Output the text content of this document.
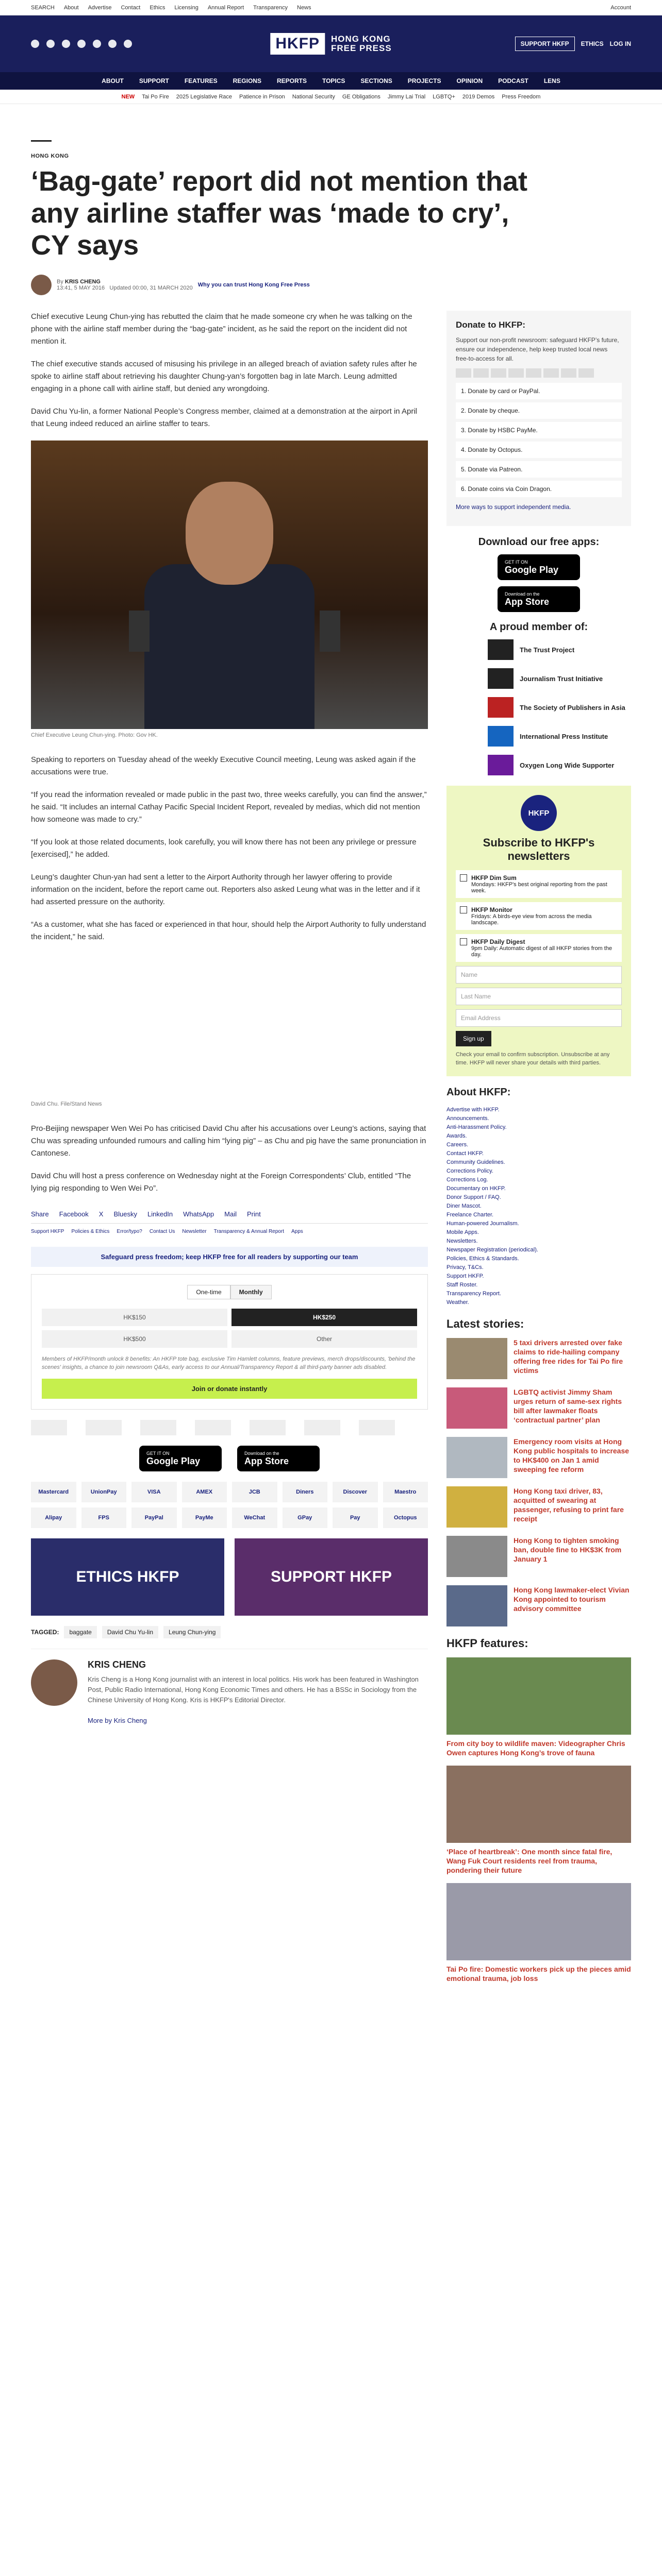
SEARCH About Advertise Contact Ethics Licensing Annual Report Transparency News	Account
HKFP	HONG KONG
FREE PRESS	SUPPORT HKFP	ETHICS LOG IN
ABOUT	SUPPORT	FEATURES	REGIONS	REPORTS	TOPICS	SECTIONS	PROJECTS	OPINION	PODCAST	LENS
NEW Tai Po Fire 2025 Legislative Race Patience in Prison National Security GE Obligations Jimmy Lai Trial LGBTQ+ 2019 Demos Press Freedom
HONG KONG
‘Bag-gate’ report did not mention that any airline staffer was ‘made to cry’, CY says
By KRIS CHENG
13:41, 5 MAY 2016 Updated 00:00, 31 MARCH 2020 Why you can trust Hong Kong Free Press

Chief executive Leung Chun-ying has rebutted the claim that he made someone cry when he was talking on the phone with the airline staff member during the “bag-gate” incident, as he said the report on the incident did not mention it.

The chief executive stands accused of misusing his privilege in an alleged breach of aviation safety rules after he spoke to airline staff about retrieving his daughter Chung-yan’s forgotten bag in late March. Leung admitted engaging in a phone call with airline staff, but denied any wrongdoing.

David Chu Yu-lin, a former National People’s Congress member, claimed at a demonstration at the airport in April that Leung indeed reduced an airline staffer to tears.

Chief Executive Leung Chun-ying. Photo: Gov HK.

Speaking to reporters on Tuesday ahead of the weekly Executive Council meeting, Leung was asked again if the accusations were true.

“If you read the information revealed or made public in the past two, three weeks carefully, you can find the answer,” he said. “It includes an internal Cathay Pacific Special Incident Report, revealed by medias, which did not mention how someone was made to cry.”

“If you look at those related documents, look carefully, you will know there has not been any privilege or pressure [exercised],” he added.

Leung’s daughter Chun-yan had sent a letter to the Airport Authority through her lawyer offering to provide information on the incident, before the report came out. Reporters also asked Leung what was in the letter and if it had asserted pressure on the authority.

“As a customer, what she has faced or experienced in that hour, should help the Airport Authority to fully understand the incident,” he said.

David Chu. File/Stand News

Pro-Beijing newspaper Wen Wei Po has criticised David Chu after his accusations over Leung’s actions, saying that Chu was spreading unfounded rumours and calling him “lying pig” – as Chu and pig have the same pronunciation in Cantonese.

David Chu will host a press conference on Wednesday night at the Foreign Correspondents’ Club, entitled “The lying pig responding to Wen Wei Po”.

Share Facebook X Bluesky LinkedIn WhatsApp Mail Print
Support HKFP Policies & Ethics Error/typo? Contact Us Newsletter Transparency & Annual Report Apps
Safeguard press freedom; keep HKFP free for all readers by supporting our team
One-time	Monthly
HK$150	HK$250
HK$500	Other
Members of HKFP/month unlock 8 benefits: An HKFP tote bag, exclusive Tim Hamlett columns, feature previews, merch drops/discounts, 'behind the scenes' insights, a chance to join newsroom Q&As, early access to our Annual/Transparency Report & all third-party banner ads disabled.
Join or donate instantly
GET IT ON
Google Play
Download on the
App Store
Mastercard	UnionPay	VISA	AMEX	JCB	Diners	Discover	Maestro
Alipay	FPS	PayPal	PayMe	WeChat	GPay	Pay	Octopus
ETHICS HKFP	SUPPORT HKFP
TAGGED:	baggate	David Chu Yu-lin	Leung Chun-ying
KRIS CHENG

Kris Cheng is a Hong Kong journalist with an interest in local politics. His work has been featured in Washington Post, Public Radio International, Hong Kong Economic Times and others. He has a BSSc in Sociology from the Chinese University of Hong Kong. Kris is HKFP's Editorial Director.

More by Kris Cheng

Donate to HKFP:

Support our non-profit newsroom: safeguard HKFP’s future, ensure our independence, help keep trusted local news free-to-access for all.

1. Donate by card or PayPal.
2. Donate by cheque.
3. Donate by HSBC PayMe.
4. Donate by Octopus.
5. Donate via Patreon.
6. Donate coins via Coin Dragon.

More ways to support independent media.

Download our free apps:
GET IT ON
Google Play
Download on the
App Store
A proud member of:
The Trust Project
Journalism Trust Initiative
The Society of Publishers in Asia
International Press Institute
Oxygen Long Wide Supporter
HKFP
Subscribe to HKFP's newsletters
HKFP Dim Sum
Mondays: HKFP's best original reporting from the past week.
HKFP Monitor
Fridays: A birds-eye view from across the media landscape.
HKFP Daily Digest
9pm Daily: Automatic digest of all HKFP stories from the day.
Name
Last Name
Email Address
Sign up

Check your email to confirm subscription. Unsubscribe at any time. HKFP will never share your details with third parties.

About HKFP:
Advertise with HKFP.
Announcements.
Anti-Harassment Policy.
Awards.
Careers.
Contact HKFP.
Community Guidelines.
Corrections Policy.
Corrections Log.
Documentary on HKFP.
Donor Support / FAQ.
Diner Mascot.
Freelance Charter.
Human-powered Journalism.
Mobile Apps.
Newsletters.
Newspaper Registration (periodical).
Policies, Ethics & Standards.
Privacy, T&Cs.
Support HKFP.
Staff Roster.
Transparency Report.
Weather.
Latest stories:
5 taxi drivers arrested over fake claims to ride-hailing company offering free rides for Tai Po fire victims
LGBTQ activist Jimmy Sham urges return of same-sex rights bill after lawmaker floats ‘contractual partner’ plan
Emergency room visits at Hong Kong public hospitals to increase to HK$400 on Jan 1 amid sweeping fee reform
Hong Kong taxi driver, 83, acquitted of swearing at passenger, refusing to print fare receipt
Hong Kong to tighten smoking ban, double fine to HK$3K from January 1
Hong Kong lawmaker-elect Vivian Kong appointed to tourism advisory committee
HKFP features:
From city boy to wildlife maven: Videographer Chris Owen captures Hong Kong’s trove of fauna
‘Place of heartbreak’: One month since fatal fire, Wang Fuk Court residents reel from trauma, pondering their future
Tai Po fire: Domestic workers pick up the pieces amid emotional trauma, job loss
